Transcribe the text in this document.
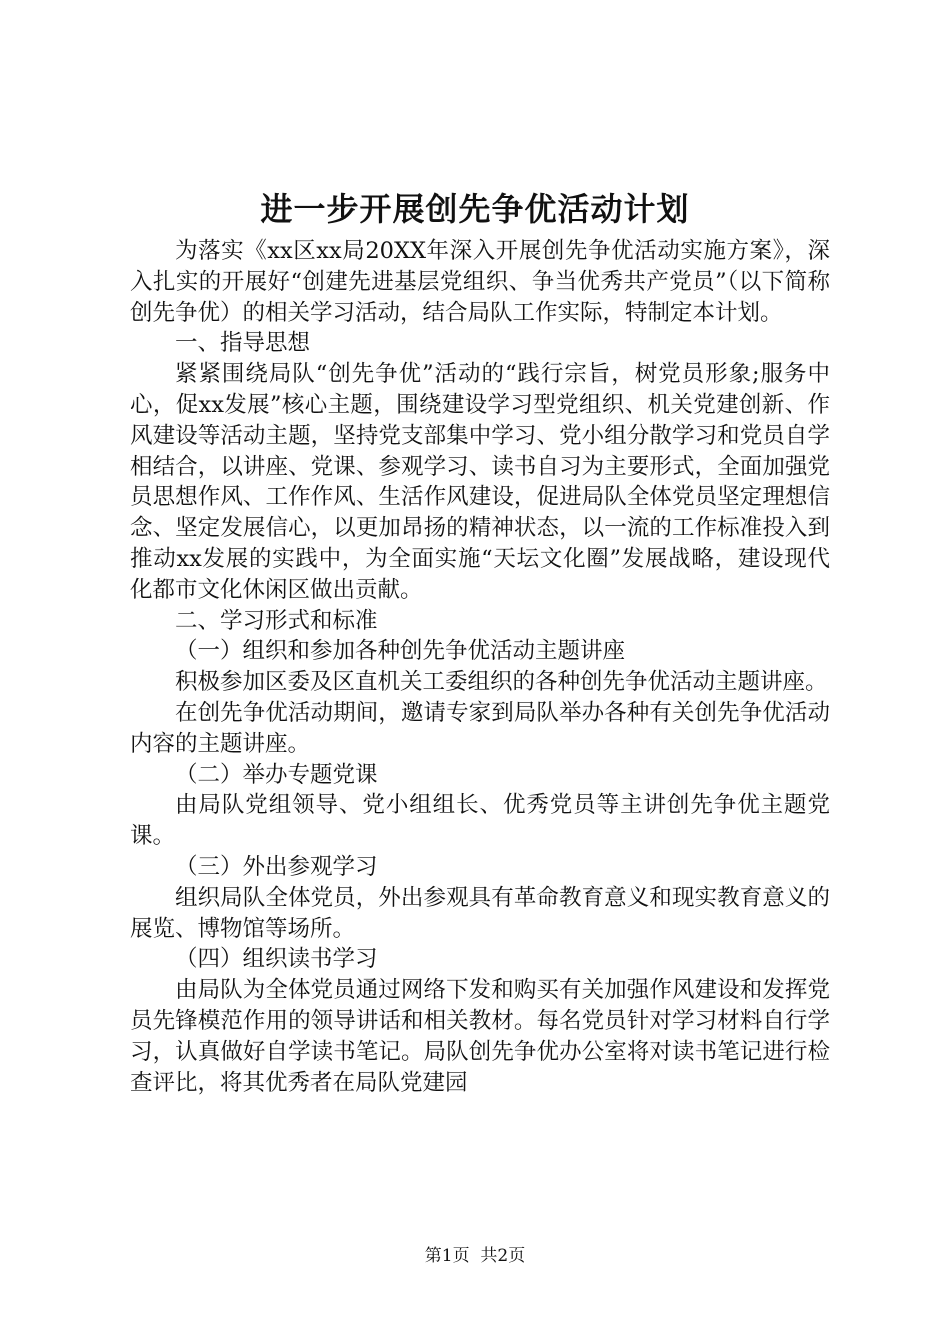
进一步开展创先争优活动计划

为落实《xx区xx局20XX年深入开展创先争优活动实施方案》，深入扎实的开展好“创建先进基层党组织、争当优秀共产党员”（以下简称创先争优）的相关学习活动，结合局队工作实际，特制定本计划。

一、指导思想

紧紧围绕局队“创先争优”活动的“践行宗旨，树党员形象;服务中心，促xx发展”核心主题，围绕建设学习型党组织、机关党建创新、作风建设等活动主题，坚持党支部集中学习、党小组分散学习和党员自学相结合，以讲座、党课、参观学习、读书自习为主要形式，全面加强党员思想作风、工作作风、生活作风建设，促进局队全体党员坚定理想信念、坚定发展信心，以更加昂扬的精神状态，以一流的工作标准投入到推动xx发展的实践中，为全面实施“天坛文化圈”发展战略，建设现代化都市文化休闲区做出贡献。

二、学习形式和标准

（一）组织和参加各种创先争优活动主题讲座

积极参加区委及区直机关工委组织的各种创先争优活动主题讲座。

在创先争优活动期间，邀请专家到局队举办各种有关创先争优活动内容的主题讲座。

（二）举办专题党课

由局队党组领导、党小组组长、优秀党员等主讲创先争优主题党课。

（三）外出参观学习

组织局队全体党员，外出参观具有革命教育意义和现实教育意义的展览、博物馆等场所。

（四）组织读书学习

由局队为全体党员通过网络下发和购买有关加强作风建设和发挥党员先锋模范作用的领导讲话和相关教材。每名党员针对学习材料自行学习，认真做好自学读书笔记。局队创先争优办公室将对读书笔记进行检查评比，将其优秀者在局队党建园

第1页  共2页
